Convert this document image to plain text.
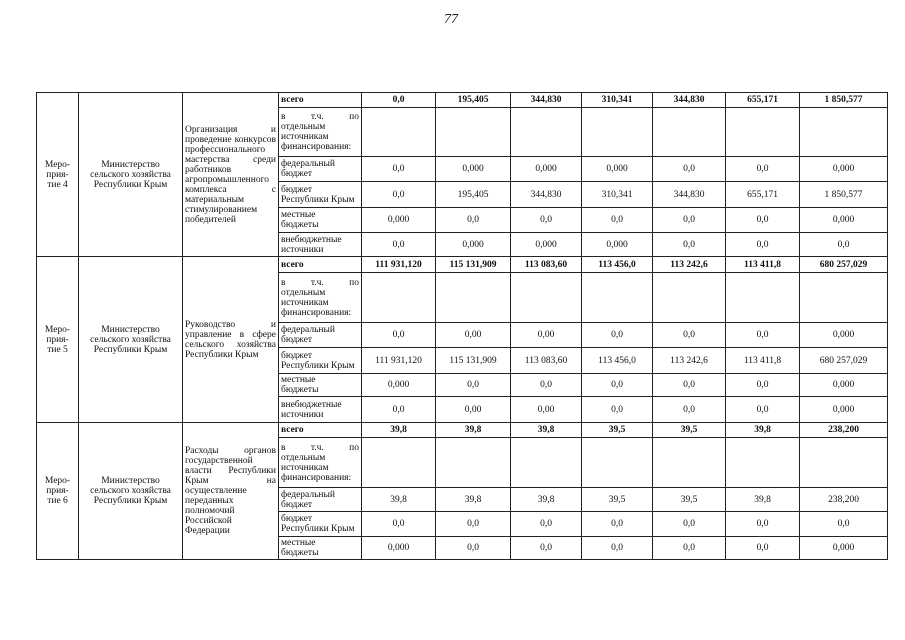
77
Меро-
прия-
тие 4	Министерство сельского хозяйства Республики Крым	Организация и проведение конкурсов профессионального мастерства среди работников агропромышленного комплекса с материальным стимулированием победителей	всего	0,0	195,405	344,830	310,341	344,830	655,171	1 850,577

			в т.ч. по
отдельным
источникам
финансирования:							

			федеральный
бюджет	0,0	0,000	0,000	0,000	0,0	0,0	0,000

			бюджет
Республики Крым	0,0	195,405	344,830	310,341	344,830	655,171	1 850,577

			местные
бюджеты	0,000	0,0	0,0	0,0	0,0	0,0	0,000

			внебюджетные
источники	0,0	0,000	0,000	0,000	0,0	0,0	0,0

Меро-
прия-
тие 5	Министерство сельского хозяйства Республики Крым	Руководство и управление в сфере сельского хозяйства Республики Крым	всего	111 931,120	115 131,909	113 083,60	113 456,0	113 242,6	113 411,8	680 257,029

			в т.ч. по
отдельным
источникам
финансирования:							

			федеральный
бюджет	0,0	0,00	0,00	0,0	0,0	0,0	0,000

			бюджет
Республики Крым	111 931,120	115 131,909	113 083,60	113 456,0	113 242,6	113 411,8	680 257,029

			местные
бюджеты	0,000	0,0	0,0	0,0	0,0	0,0	0,000

			внебюджетные
источники	0,0	0,00	0,00	0,0	0,0	0,0	0,000

Меро-
прия-
тие 6	Министерство сельского хозяйства Республики Крым	Расходы органов государственной власти Республики Крым на осуществление переданных полномочий Российской Федерации	всего	39,8	39,8	39,8	39,5	39,5	39,8	238,200

			в т.ч. по
отдельным
источникам
финансирования:							

			федеральный
бюджет	39,8	39,8	39,8	39,5	39,5	39,8	238,200

			бюджет
Республики Крым	0,0	0,0	0,0	0,0	0,0	0,0	0,0

			местные
бюджеты	0,000	0,0	0,0	0,0	0,0	0,0	0,000
